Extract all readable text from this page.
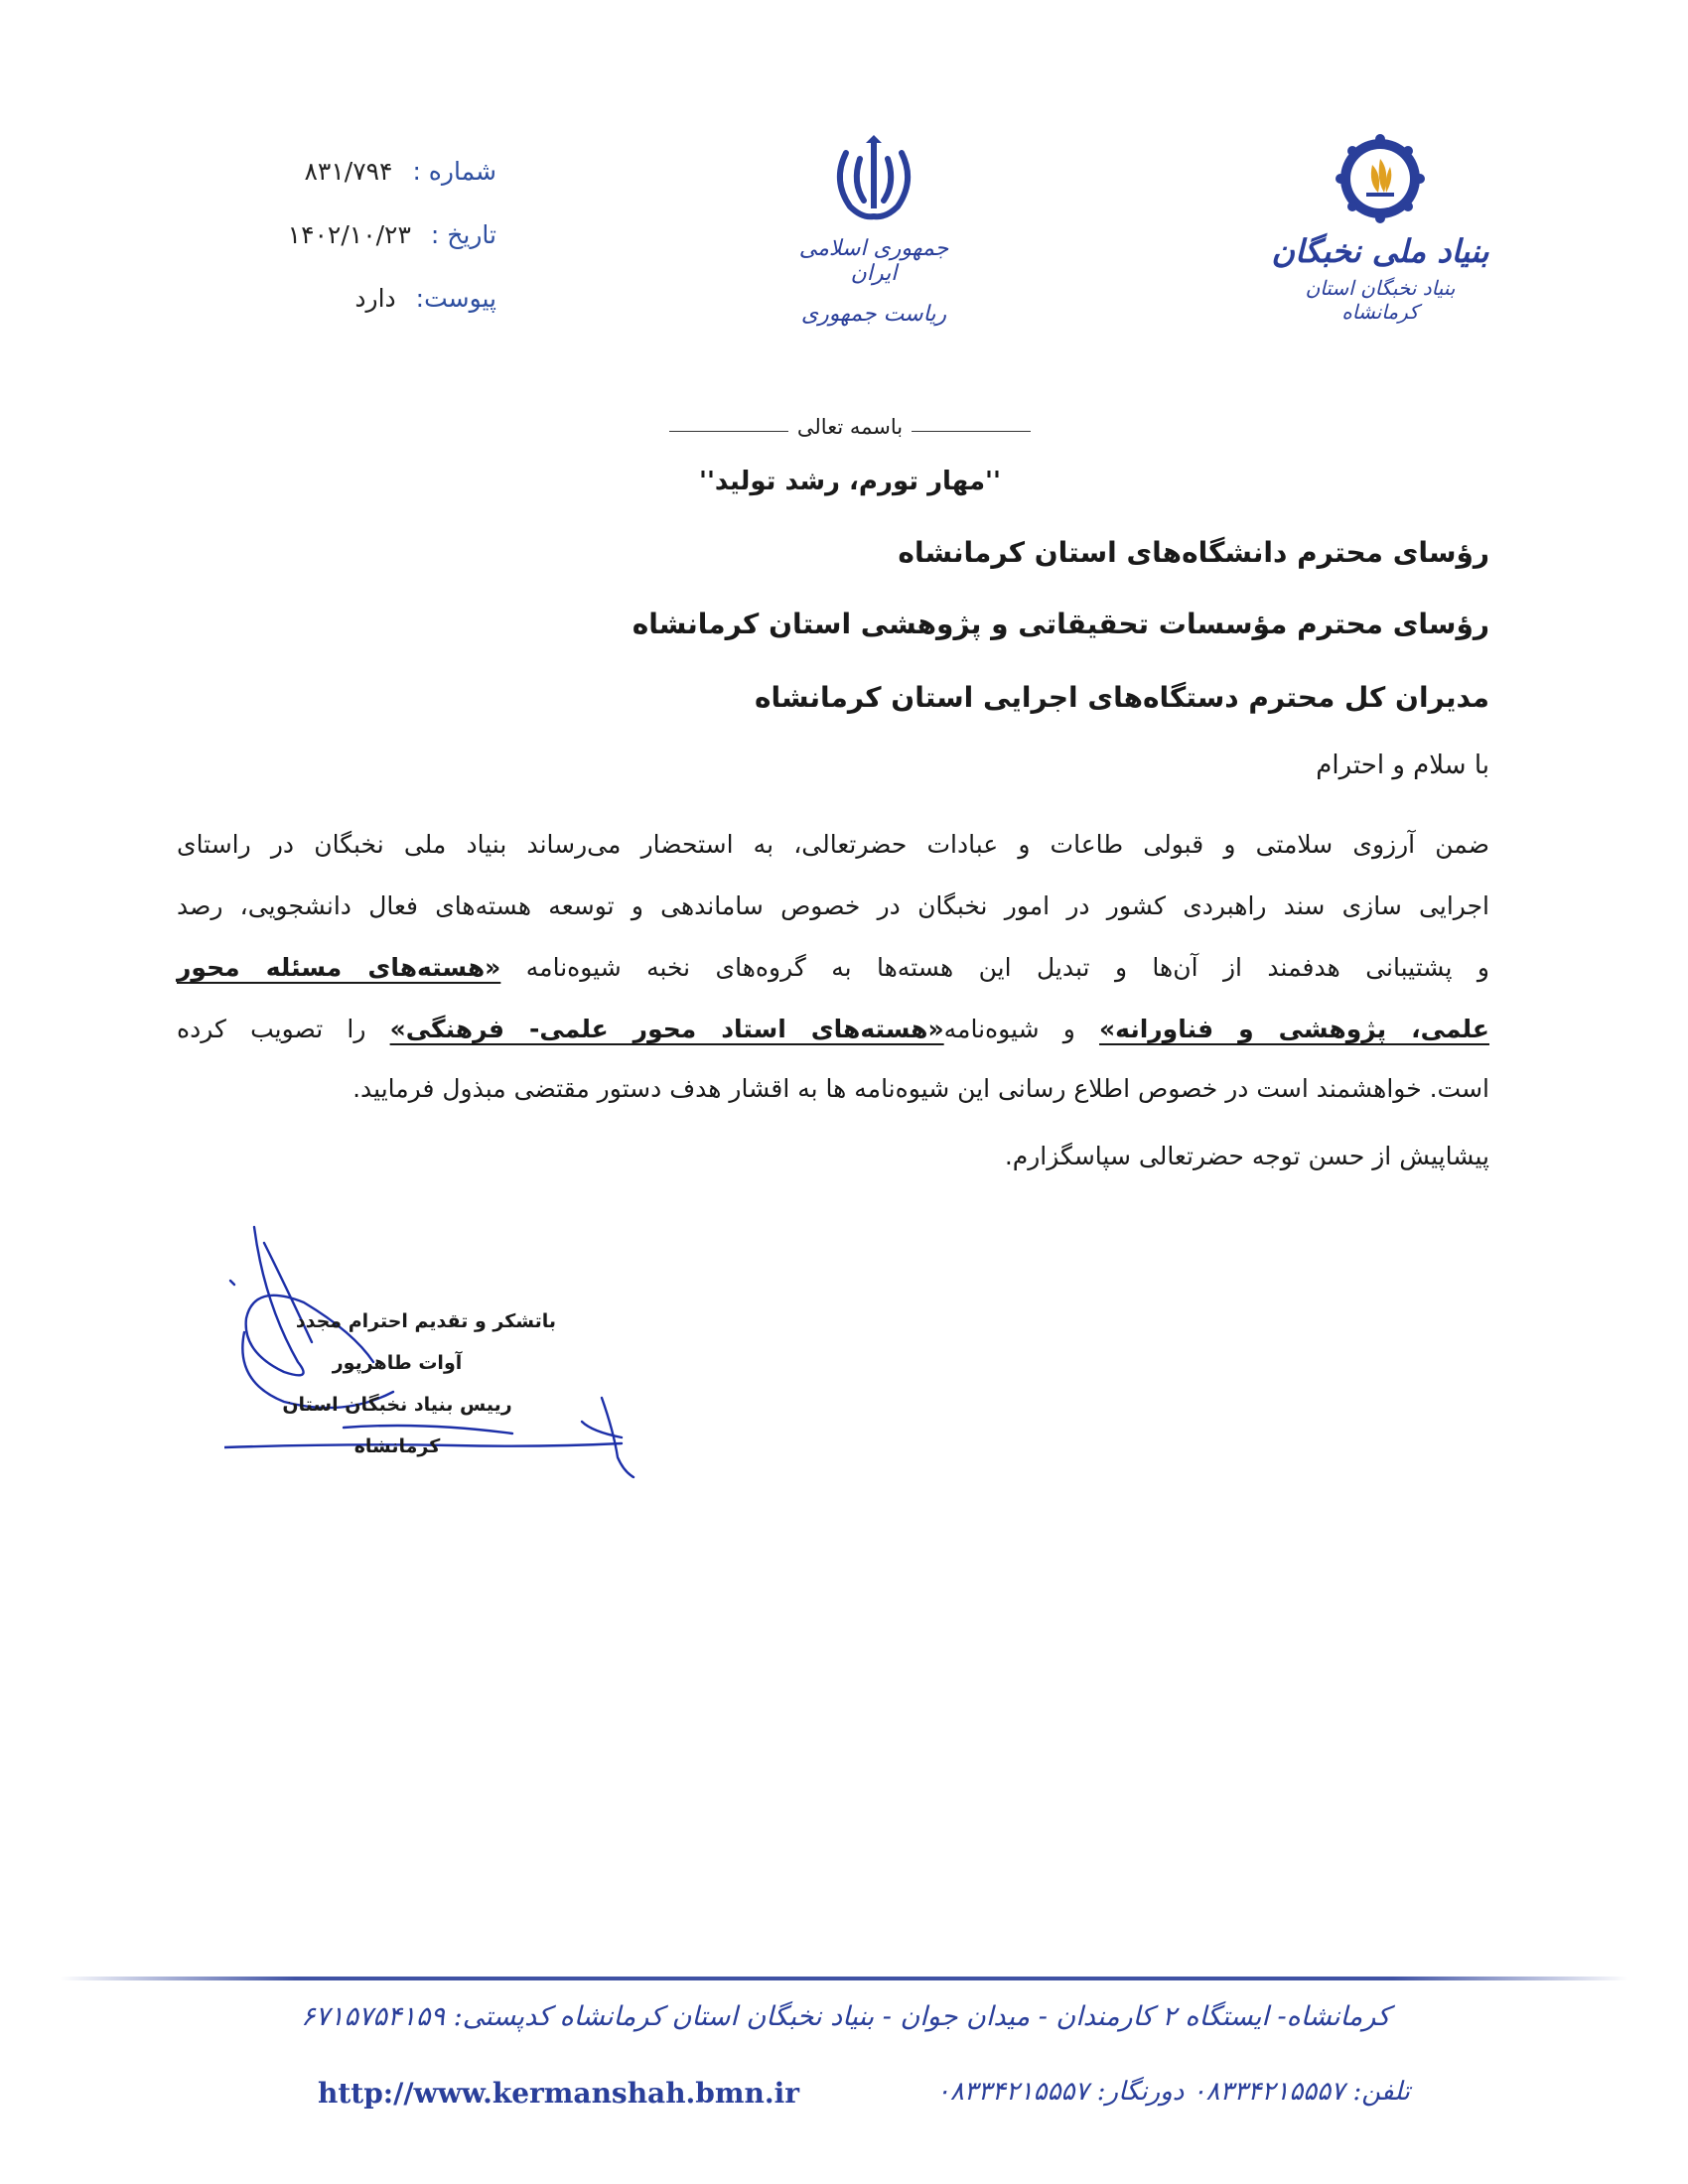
شماره : ۸۳۱/۷۹۴
تاریخ : ۱۴۰۲/۱۰/۲۳
پیوست: دارد
جمهوری اسلامی ایران
ریاست جمهوری
بنیاد ملی نخبگان
بنیاد نخبگان استان کرمانشاه
باسمه تعالی
''مهار تورم، رشد تولید''
رؤسای محترم دانشگاه‌های استان کرمانشاه
رؤسای محترم مؤسسات تحقیقاتی و پژوهشی استان کرمانشاه
مدیران کل محترم دستگاه‌های اجرایی استان کرمانشاه
با سلام و احترام
ضمن آرزوی سلامتی و قبولی طاعات و عبادات حضرتعالی، به استحضار می‌رساند بنیاد ملی نخبگان در راستای
اجرایی سازی سند راهبردی کشور در امور نخبگان در خصوص ساماندهی و توسعه هسته‌های فعال دانشجویی، رصد
و پشتیبانی هدفمند از آن‌ها و تبدیل این هسته‌ها به گروه‌های نخبه شیوه‌نامه «هسته‌های مسئله محور
علمی، پژوهشی و فناورانه» و شیوه‌نامه«هسته‌های استاد محور علمی- فرهنگی» را تصویب کرده
است. خواهشمند است در خصوص اطلاع رسانی این شیوه‌نامه ها به اقشار هدف دستور مقتضی مبذول فرمایید.
پیشاپیش از حسن توجه حضرتعالی سپاسگزارم.
باتشکر و تقدیم احترام مجدد
آوات طاهرپور
رییس بنیاد نخبگان استان کرمانشاه
کرمانشاه- ایستگاه ۲ کارمندان - میدان جوان - بنیاد نخبگان استان کرمانشاه کدپستی: ۶۷۱۵۷۵۴۱۵۹
http://www.kermanshah.bmn.ir	تلفن: ۰۸۳۳۴۲۱۵۵۵۷ دورنگار: ۰۸۳۳۴۲۱۵۵۵۷
